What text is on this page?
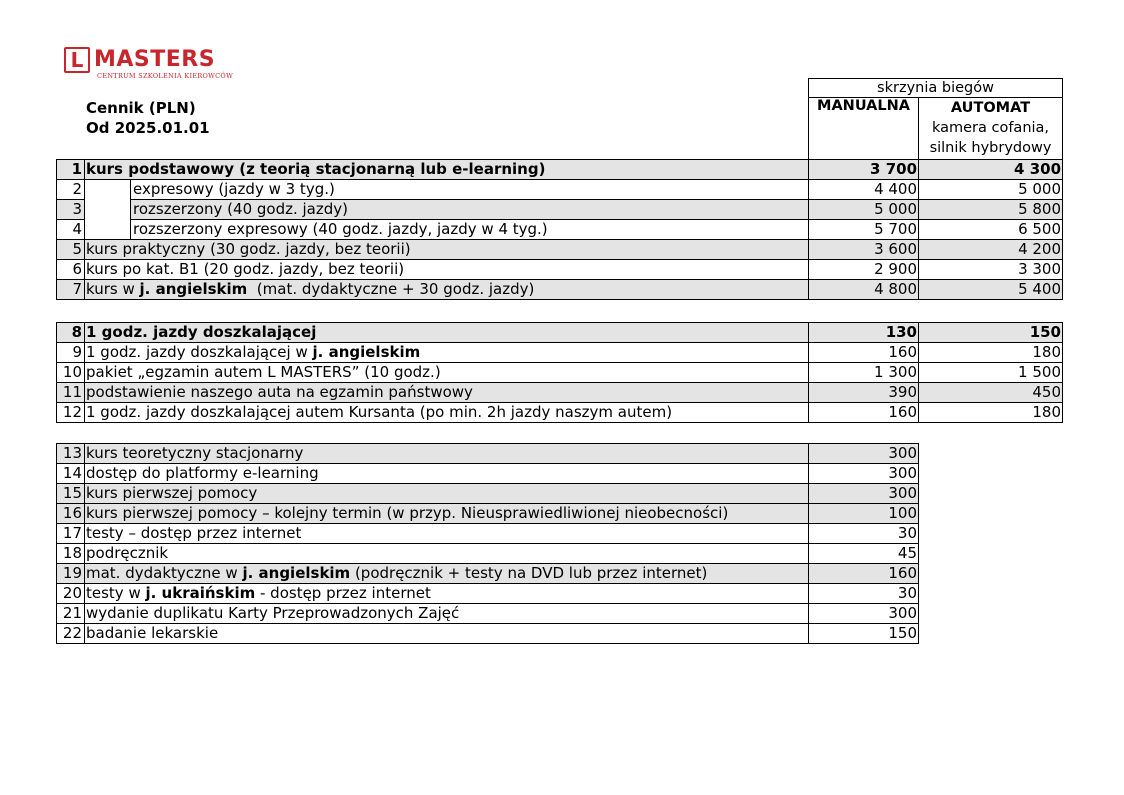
L MASTERS
CENTRUM SZKOLENIA KIEROWCÓW
Cennik (PLN)
Od 2025.01.01
skrzynia biegów
MANUALNA	AUTOMAT
kamera cofania, silnik hybrydowy
1	kurs podstawowy (z teorią stacjonarną lub e-learning)		3 700	4 300
2		expresowy (jazdy w 3 tyg.)	4 400	5 000
3		rozszerzony (40 godz. jazdy)	5 000	5 800
4		rozszerzony expresowy (40 godz. jazdy, jazdy w 4 tyg.)	5 700	6 500
5	kurs praktyczny (30 godz. jazdy, bez teorii)		3 600	4 200
6	kurs po kat. B1 (20 godz. jazdy, bez teorii)		2 900	3 300
7	kurs w j. angielskim  (mat. dydaktyczne + 30 godz. jazdy)		4 800	5 400
8	1 godz. jazdy doszkalającej	130	150
9	1 godz. jazdy doszkalającej w j. angielskim	160	180
10	pakiet „egzamin autem L MASTERS” (10 godz.)	1 300	1 500
11	podstawienie naszego auta na egzamin państwowy	390	450
12	1 godz. jazdy doszkalającej autem Kursanta (po min. 2h jazdy naszym autem)	160	180
13	kurs teoretyczny stacjonarny	300
14	dostęp do platformy e-learning	300
15	kurs pierwszej pomocy	300
16	kurs pierwszej pomocy – kolejny termin (w przyp. Nieusprawiedliwionej nieobecności)	100
17	testy – dostęp przez internet	30
18	podręcznik	45
19	mat. dydaktyczne w j. angielskim (podręcznik + testy na DVD lub przez internet)	160
20	testy w j. ukraińskim - dostęp przez internet	30
21	wydanie duplikatu Karty Przeprowadzonych Zajęć	300
22	badanie lekarskie	150
